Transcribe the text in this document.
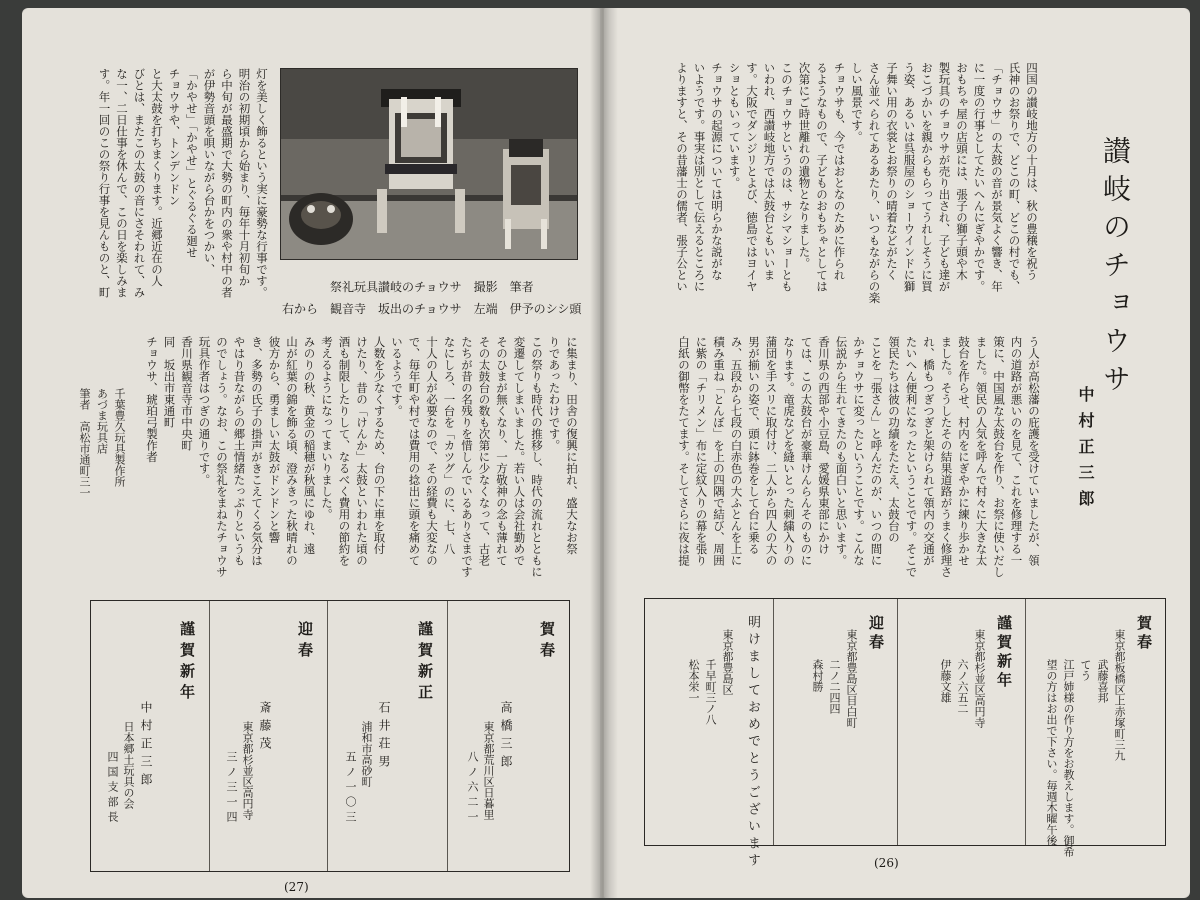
祭礼玩具讃岐のチョウサ　撮影　筆者
右から　観音寺　坂出のチョウサ　左端　伊予のシシ頭
灯を美しく飾るという実に豪勢な行事です。
明治の初期頃から始まり、毎年十月初旬か
ら中旬が最盛期で大勢の町内の衆や村中の者
が伊勢音頭を唄いながら台かをつかい、
「かやせ」「かやせ」とぐるぐる廻せ
チョウサや、トンデンドン
と大太鼓を打ちまくります。近郷近在の人
びとは、またこの太鼓の音にさそわれて、み
な一、二日仕事を休んで、この日を楽しみま
す。年一回のこの祭り行事を見んものと、町
に集まり、田舎の復興に拍れ、盛大なお祭
りであったわけです。
この祭りも時代の推移し、時代の流れとともに
変遷してしまいました。若い人は会社勤めで
そのひまが無くなり、一方敬神の念も薄れて
その太鼓台の数も次第に少なくなって、古老
たちが昔の名残りを惜しんでいるありさまです
なにしろ、一台を「カツグ」のに、七、八
十人の人が必要なので、その経費も大変なの
で、毎年町や村では費用の捻出に頭を痛めて
いるようです。
人数を少なくするため、台の下に車を取付
けたり、昔の「けんか」太鼓といわれた頃の
酒も制限したりして、なるべく費用の節約を
考えるようになってまいりました。
みのりの秋、黄金の稲穂が秋風にゆれ、遠
山が紅葉の錦を飾る頃、澄みきった秋晴れの
彼方から、勇ましい太鼓がドンドンと響
き、多勢の氏子の掛声がきこえてくる気分は
やはり昔ながらの郷土情緒たっぷりというも
のでしょう。なお、この祭礼をまねたチョウサ
玩具作者はつぎの通りです。
香川県観音寺市中央町
同　坂出市東通町
チョウサ、琥珀弓製作者
千葉豊久玩具製作所
あづま玩具店
筆者　高松市通町三一
賀春
高橋三郎
東京都荒川区日暮里
八ノ六二一
謹賀新正
石井荘男
浦和市高砂町
五ノ一〇三
迎春
斎藤茂
東京都杉並区高円寺
三ノ三一四
謹賀新年
中村正三郎
日本郷土玩具の会
四国支部長
(27)
讃岐のチョウサ
中村正三郎
四国の讃岐地方の十月は、秋の豊穣を祝う
氏神のお祭りで、どこの町、どこの村でも、
「チョウサ」の太鼓の音が景気よく響き、年
に一度の行事としてたいへんにぎやかです。
おもちゃ屋の店頭には、張子の獅子頭や木
製玩具のチョウサが売り出され、子ども達が
おこづかいを親からもらってうれしそうに買
う姿、あるいは呉服屋のショーウインドに獅
子舞い用の衣裳とお祭りの晴着などがたく
さん並べられてあるあたり、いつもながらの楽
しい風景です。
チョウサも、今ではおとなのために作られ
るようなもので、子どものおもちゃとしては
次第にご時世離れの遺物となりました。
このチョウサというのは、サシマショーとも
いわれ、西讃岐地方では太鼓台ともいいま
す。大阪でダンジリとよび、徳島ではヨイヤ
ショともいっています。
チョウサの起源については明らかな説がな
いようです。事実は別として伝えるところに
よりますと、その昔藩士の儒者、張子公とい
う人が高松藩の庇護を受けていましたが、領
内の道路が悪いのを見て、これを修理する一
策に、中国風な太鼓台を作り、お祭に使いだし
ました。領民の人気を呼んで村々に大きな太
鼓台を作らせ、村内をにぎやかに練り歩かせ
ました。そうしたその結果道路がうまく修理さ
れ、橋もつぎつぎと架けられて領内の交通が
たいへん便利になったということです。そこで
領民たちは彼の功績をたたえ、太鼓台の
ことを「張さん」と呼んだのが、いつの間に
かチョウサに変ったということです。こんな
伝説から生れてきたのも面白いと思います。
香川県の西部や小豆島、愛媛県東部にかけ
ては、この太鼓台が豪華けんらんそのものに
なります。竜虎などを縫いとった刺繍入りの
蒲団を手スリに取付け、二人から四人の大の
男が揃いの姿で、頭に鉢巻をして台に乗る
み、五段から七段の白赤色の大ふとんを上に
積み重ね「とんぼ」を上の四隅で結び、周囲
に紫の「チリメン」布に定紋入りの幕を張り
白紙の御幣をたてます。そしてさらに夜は提
賀春
東京都板橋区上赤塚町三九
武藤喜邦
てう
江戸姉様の作り方をお教えします。御希
望の方はお出で下さい。毎週木曜午後
謹賀新年
東京都杉並区高円寺
六ノ六五二
伊藤文雄
迎春
東京都豊島区目白町
二ノ二四四
森村勝
明けましておめでとうございます
東京都豊島区
千早町三ノ八
松本栄一
(26)
